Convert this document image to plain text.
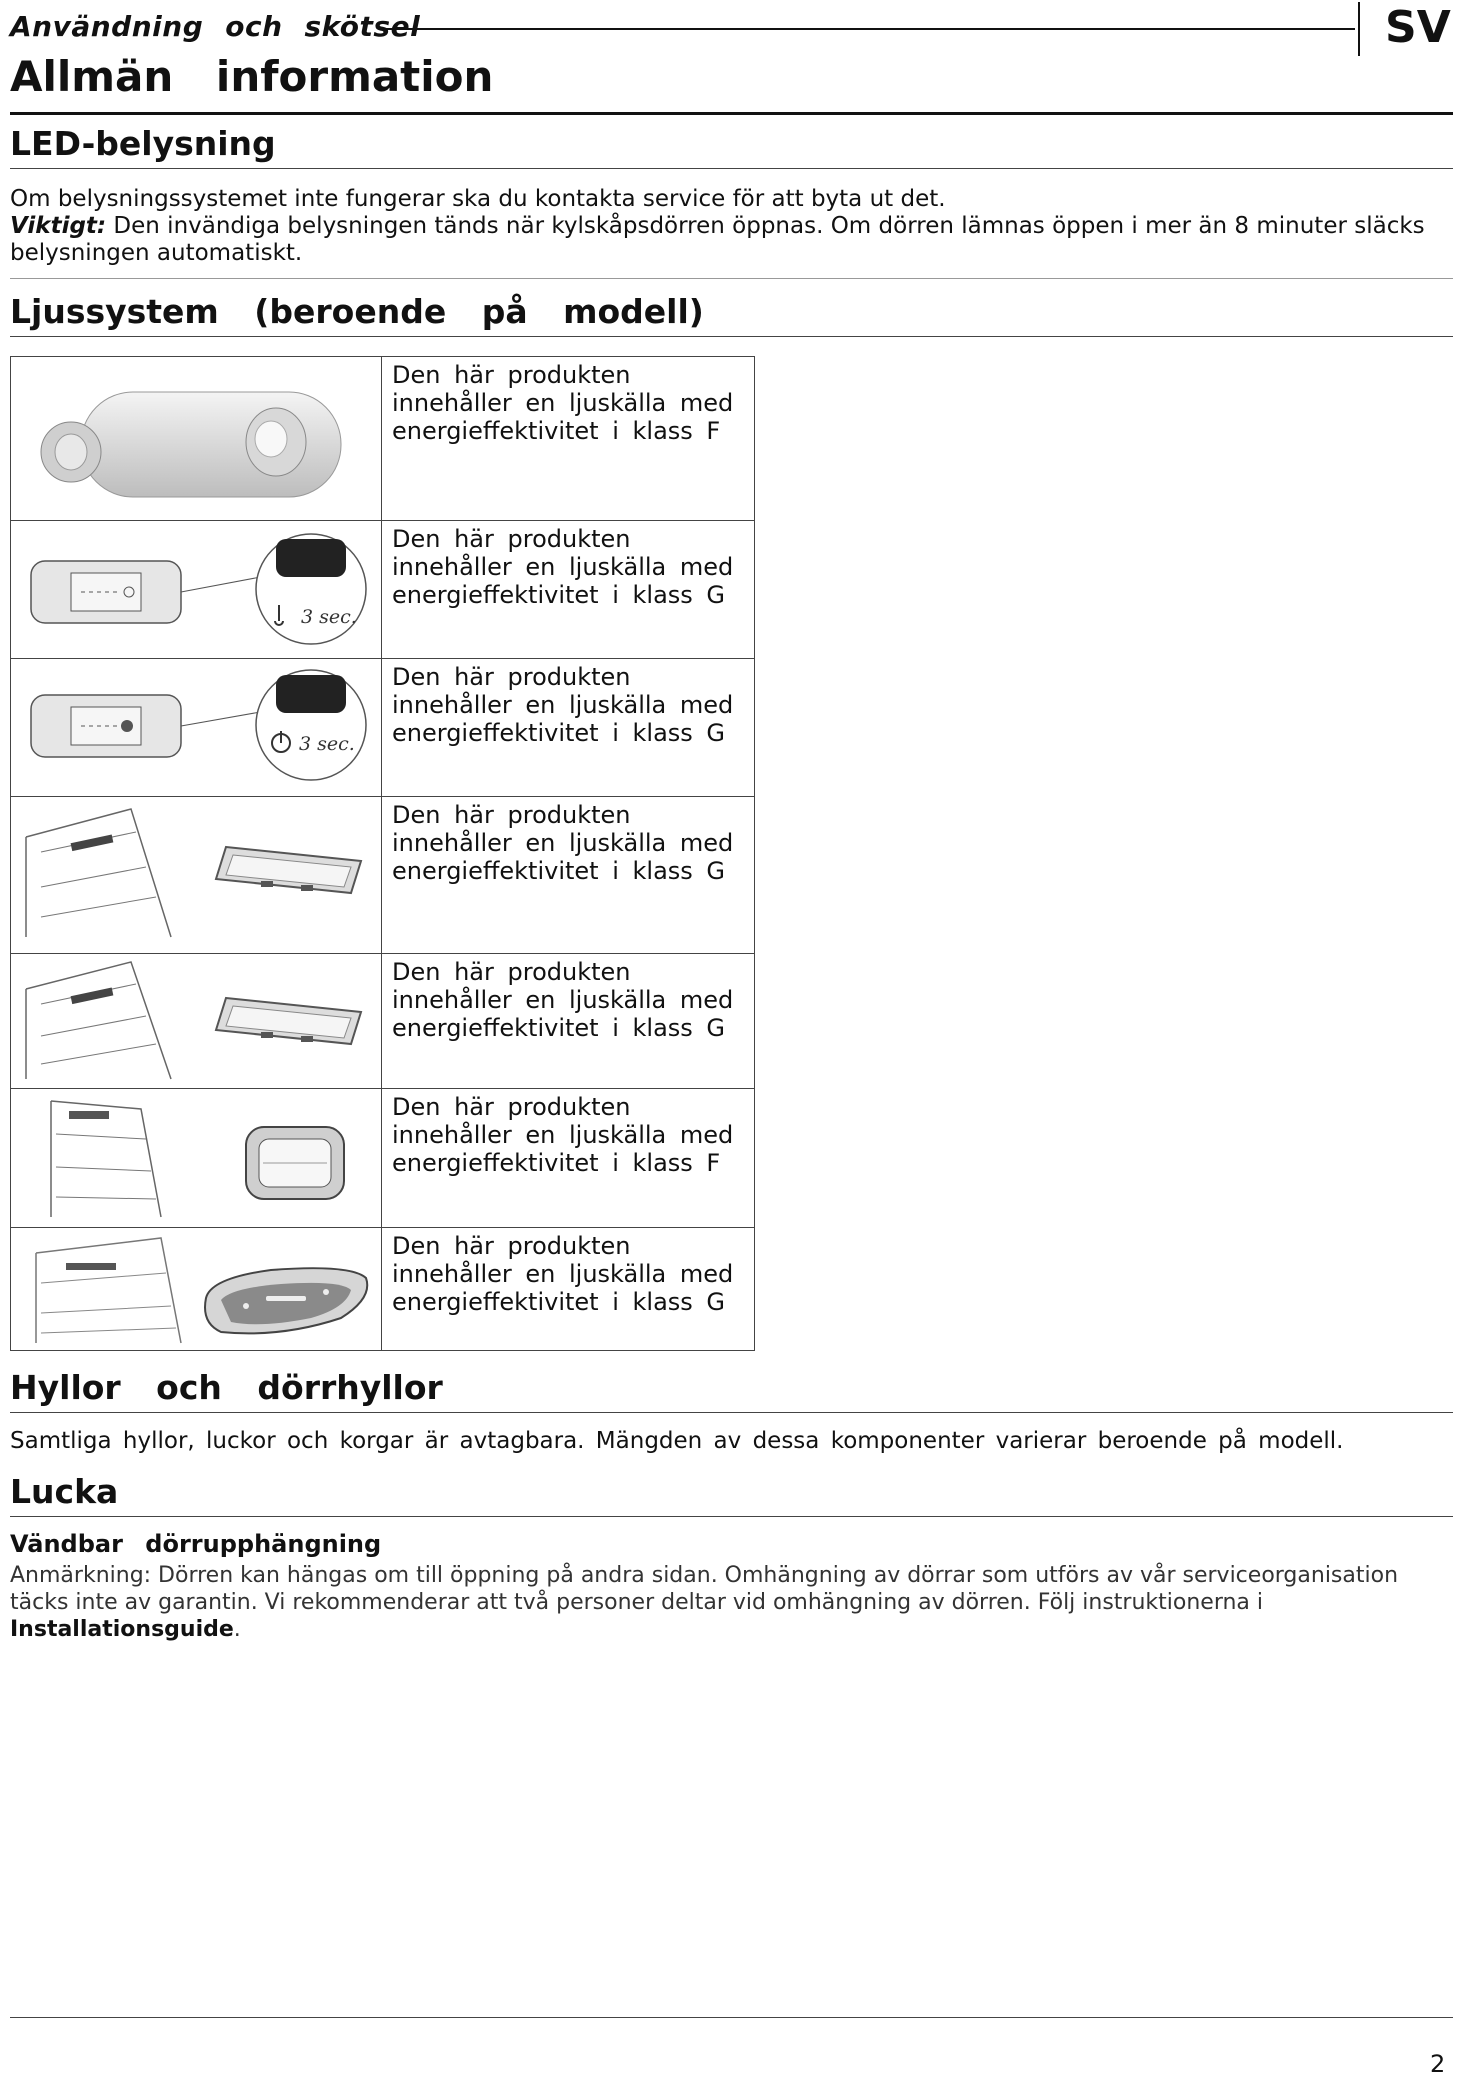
Användning och skötsel	SV
Allmän information
LED-belysning
Om belysningssystemet inte fungerar ska du kontakta service för att byta ut det.
Viktigt: Den invändiga belysningen tänds när kylskåpsdörren öppnas. Om dörren lämnas öppen i mer än 8 minuter släcks belysningen automatiskt.
Ljussystem (beroende på modell)
Den här produkten innehåller en ljuskälla med energieffektivitet i klass F
3 sec.
Den här produkten innehåller en ljuskälla med energieffektivitet i klass G
3 sec.
Den här produkten innehåller en ljuskälla med energieffektivitet i klass G
Den här produkten innehåller en ljuskälla med energieffektivitet i klass G
Den här produkten innehåller en ljuskälla med energieffektivitet i klass G
Den här produkten innehåller en ljuskälla med energieffektivitet i klass F
Den här produkten innehåller en ljuskälla med energieffektivitet i klass G
Hyllor och dörrhyllor
Samtliga hyllor, luckor och korgar är avtagbara. Mängden av dessa komponenter varierar beroende på modell.
Lucka
Vändbar dörrupphängning
Anmärkning: Dörren kan hängas om till öppning på andra sidan. Omhängning av dörrar som utförs av vår serviceorganisation täcks inte av garantin. Vi rekommenderar att två personer deltar vid omhängning av dörren. Följ instruktionerna i Installationsguide.
2
